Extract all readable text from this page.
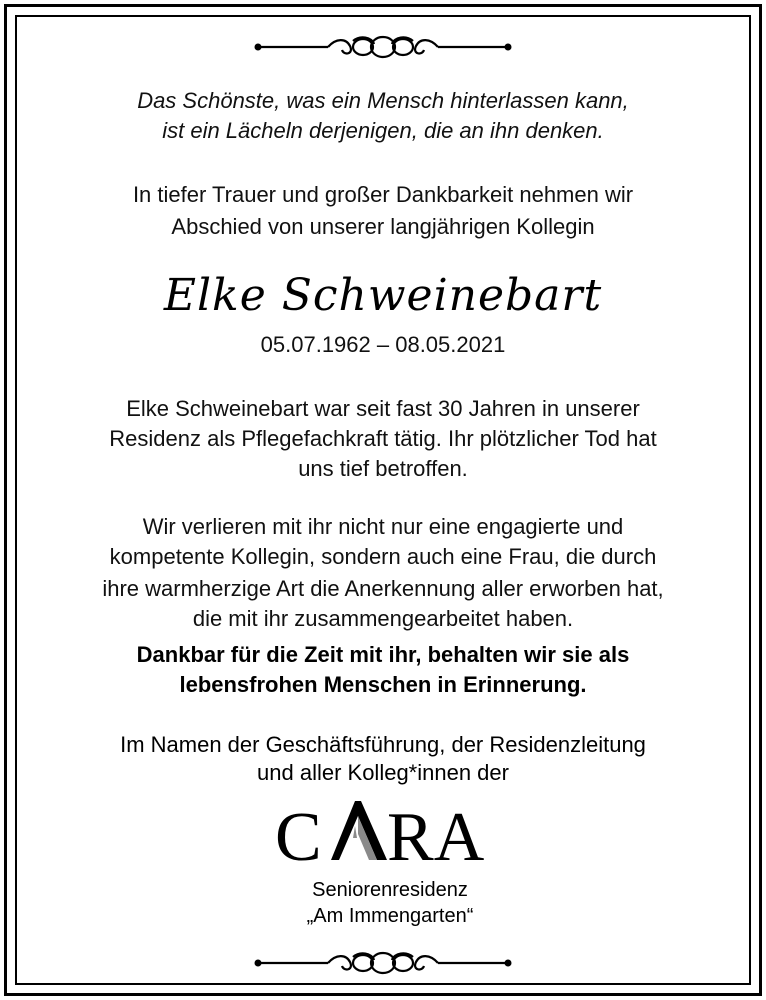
Das Schönste, was ein Mensch hinterlassen kann,
ist ein Lächeln derjenigen, die an ihn denken.
In tiefer Trauer und großer Dankbarkeit nehmen wir
Abschied von unserer langjährigen Kollegin
Elke Schweinebart
05.07.1962 – 08.05.2021
Elke Schweinebart war seit fast 30 Jahren in unserer
Residenz als Pflegefachkraft tätig. Ihr plötzlicher Tod hat
uns tief betroffen.
Wir verlieren mit ihr nicht nur eine engagierte und
kompetente Kollegin, sondern auch eine Frau, die durch
ihre warmherzige Art die Anerkennung aller erworben hat,
die mit ihr zusammengearbeitet haben.
Dankbar für die Zeit mit ihr, behalten wir sie als
lebensfrohen Menschen in Erinnerung.
Im Namen der Geschäftsführung, der Residenzleitung
und aller Kolleg*innen der
C RA
Seniorenresidenz
„Am Immengarten“
